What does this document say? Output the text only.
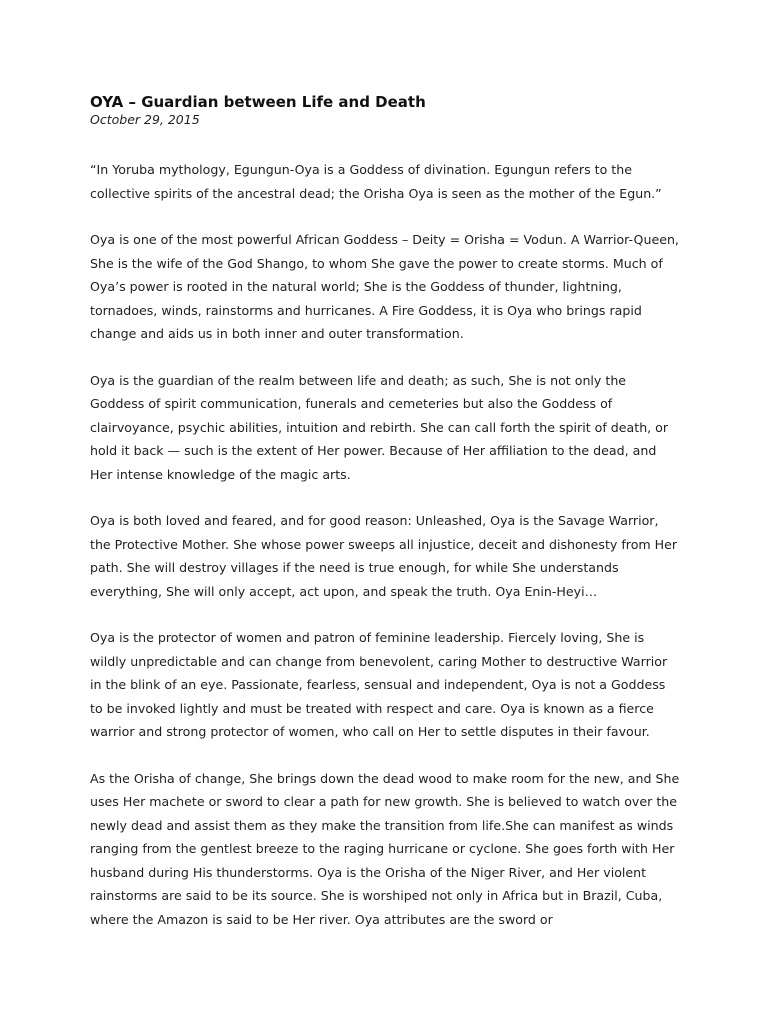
OYA – Guardian between Life and Death

October 29, 2015

“In Yoruba mythology, Egungun-Oya is a Goddess of divination. Egungun refers to the collective spirits of the ancestral dead; the Orisha Oya is seen as the mother of the Egun.”

Oya is one of the most powerful African Goddess – Deity = Orisha = Vodun. A Warrior-Queen, She is the wife of the God Shango, to whom She gave the power to create storms. Much of Oya’s power is rooted in the natural world; She is the Goddess of thunder, lightning, tornadoes, winds, rainstorms and hurricanes. A Fire Goddess, it is Oya who brings rapid change and aids us in both inner and outer transformation.

Oya is the guardian of the realm between life and death; as such, She is not only the Goddess of spirit communication, funerals and cemeteries but also the Goddess of clairvoyance, psychic abilities, intuition and rebirth. She can call forth the spirit of death, or hold it back — such is the extent of Her power. Because of Her affiliation to the dead, and Her intense knowledge of the magic arts.

Oya is both loved and feared, and for good reason: Unleashed, Oya is the Savage Warrior, the Protective Mother. She whose power sweeps all injustice, deceit and dishonesty from Her path. She will destroy villages if the need is true enough, for while She understands everything, She will only accept, act upon, and speak the truth. Oya Enin-Heyi…

Oya is the protector of women and patron of feminine leadership. Fiercely loving, She is wildly unpredictable and can change from benevolent, caring Mother to destructive Warrior in the blink of an eye. Passionate, fearless, sensual and independent, Oya is not a Goddess to be invoked lightly and must be treated with respect and care. Oya is known as a fierce warrior and strong protector of women, who call on Her to settle disputes in their favour.

As the Orisha of change, She brings down the dead wood to make room for the new, and She uses Her machete or sword to clear a path for new growth. She is believed to watch over the newly dead and assist them as they make the transition from life.She can manifest as winds ranging from the gentlest breeze to the raging hurricane or cyclone. She goes forth with Her husband during His thunderstorms. Oya is the Orisha of the Niger River, and Her violent rainstorms are said to be its source. She is worshiped not only in Africa but in Brazil, Cuba, where the Amazon is said to be Her river. Oya attributes are the sword or
